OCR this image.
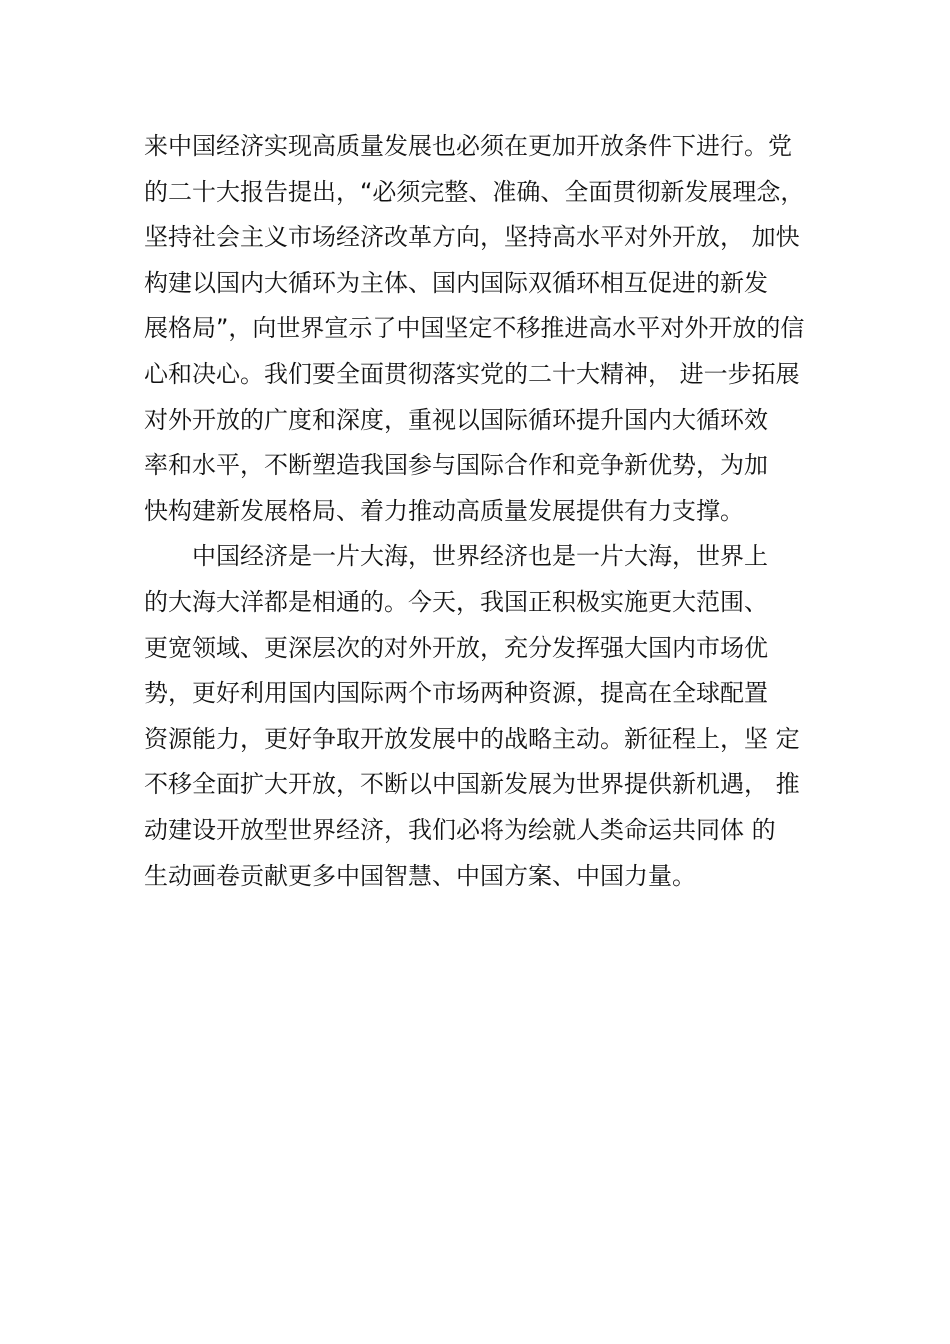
来中国经济实现高质量发展也必须在更加开放条件下进行。党
的二十大报告提出，“必须完整、准确、全面贯彻新发展理念，
坚持社会主义市场经济改革方向，坚持高水平对外开放， 加快
构建以国内大循环为主体、国内国际双循环相互促进的新发
展格局”，向世界宣示了中国坚定不移推进高水平对外开放的信
心和决心。我们要全面贯彻落实党的二十大精神， 进一步拓展
对外开放的广度和深度，重视以国际循环提升国内大循环效
率和水平，不断塑造我国参与国际合作和竞争新优势，为加
快构建新发展格局、着力推动高质量发展提供有力支撑。
　　中国经济是一片大海，世界经济也是一片大海，世界上
的大海大洋都是相通的。今天，我国正积极实施更大范围、
更宽领域、更深层次的对外开放，充分发挥强大国内市场优
势，更好利用国内国际两个市场两种资源，提高在全球配置
资源能力，更好争取开放发展中的战略主动。新征程上，坚 定
不移全面扩大开放，不断以中国新发展为世界提供新机遇， 推
动建设开放型世界经济，我们必将为绘就人类命运共同体 的
生动画卷贡献更多中国智慧、中国方案、中国力量。
